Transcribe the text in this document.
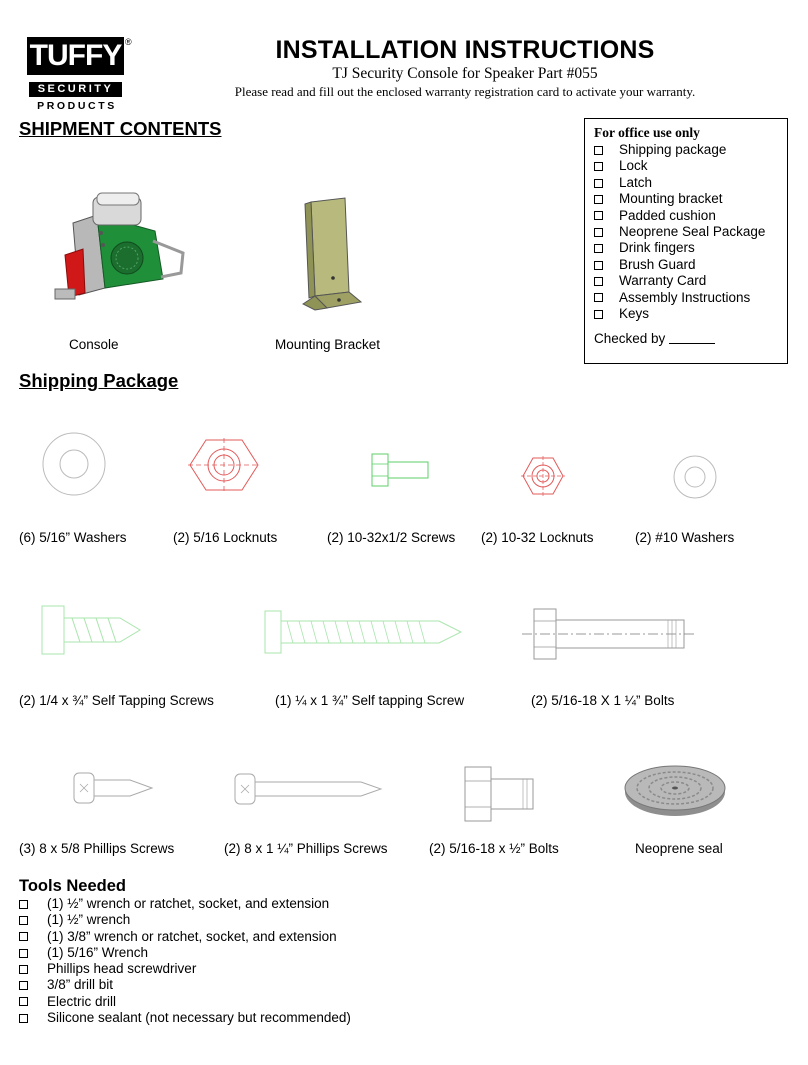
TUFFY ®
SECURITY
PRODUCTS
INSTALLATION INSTRUCTIONS
TJ Security Console for Speaker Part #055
Please read and fill out the enclosed warranty registration card to activate your warranty.
SHIPMENT CONTENTS
Console	Mounting Bracket
For office use only
Shipping package
Lock
Latch
Mounting bracket
Padded cushion
Neoprene Seal Package
Drink fingers
Brush Guard
Warranty Card
Assembly Instructions
Keys
Checked by
Shipping Package
(6) 5/16” Washers	(2) 5/16 Locknuts	(2) 10-32x1/2 Screws (2) 10-32 Locknuts	(2) #10 Washers
(2) 1/4 x ¾” Self Tapping Screws	(1) ¼ x 1 ¾” Self tapping Screw	(2) 5/16-18 X 1 ¼” Bolts
(3) 8 x 5/8 Phillips Screws	(2) 8 x 1 ¼” Phillips Screws	(2) 5/16-18 x ½” Bolts	Neoprene seal
Tools Needed
(1) ½” wrench or ratchet, socket, and extension
(1) ½” wrench
(1) 3/8” wrench or ratchet, socket, and extension
(1) 5/16” Wrench
Phillips head screwdriver
3/8” drill bit
Electric drill
Silicone sealant (not necessary but recommended)
